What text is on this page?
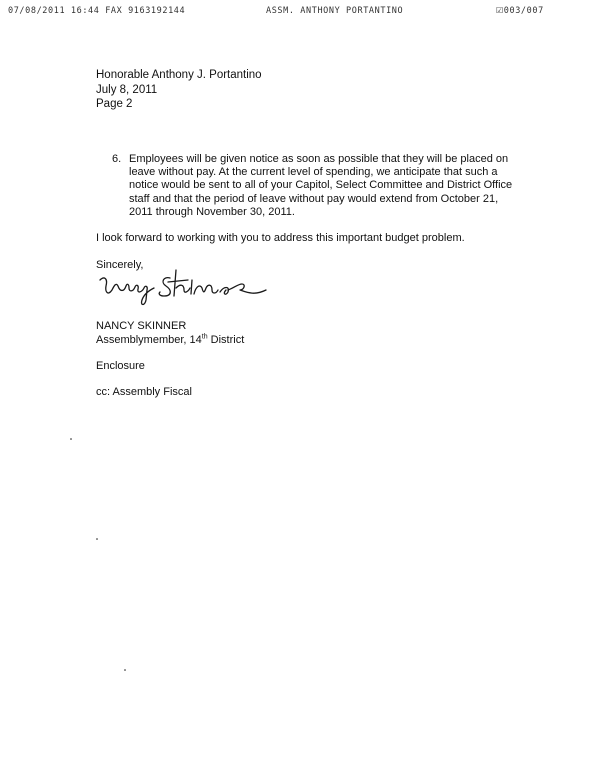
07/08/2011 16:44 FAX 9163192144	ASSM. ANTHONY PORTANTINO	☑003/007
Honorable Anthony J. Portantino
July 8, 2011
Page 2
6. Employees will be given notice as soon as possible that they will be placed on leave without pay. At the current level of spending, we anticipate that such a notice would be sent to all of your Capitol, Select Committee and District Office staff and that the period of leave without pay would extend from October 21, 2011 through November 30, 2011.
I look forward to working with you to address this important budget problem.
Sincerely,
NANCY SKINNER
Assemblymember, 14th District
Enclosure
cc: Assembly Fiscal
